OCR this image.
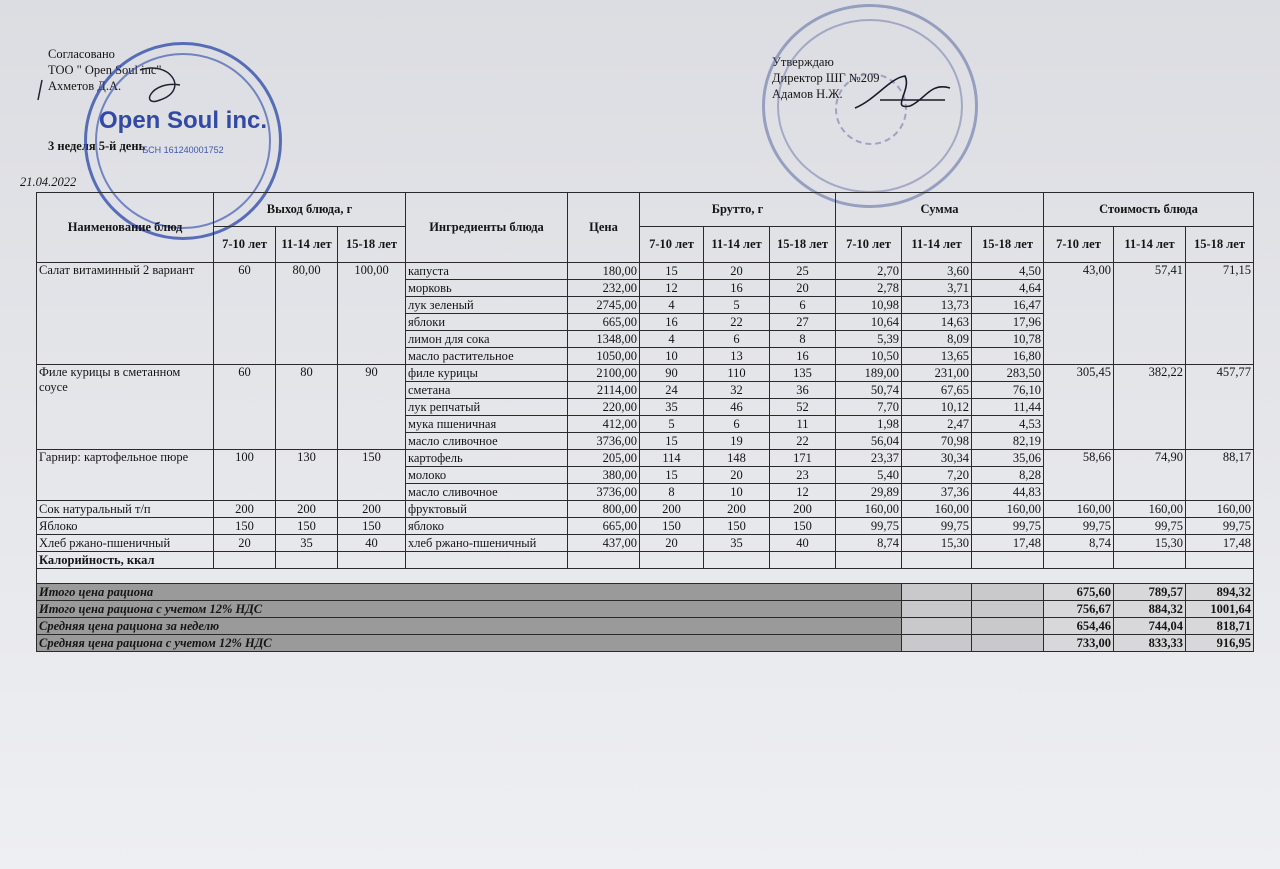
Согласовано
ТОО " Open Soul inc"
Ахметов Д.А.
Утверждаю
Директор ШГ №209
Адамов Н.Ж.
3 неделя 5-й день
21.04.2022
Open Soul inc.
БСН 161240001752
Наименование блюд	Выход блюда, г			Ингредиенты блюда	Цена	Брутто, г			Сумма			Стоимость блюда		
	7-10 лет	11-14 лет	15-18 лет			7-10 лет	11-14 лет	15-18 лет	7-10 лет	11-14 лет	15-18 лет	7-10 лет	11-14 лет	15-18 лет
Салат витаминный 2 вариант	60	80,00	100,00	капуста	180,00	15	20	25	2,70	3,60	4,50	43,00	57,41	71,15
				морковь	232,00	12	16	20	2,78	3,71	4,64			
				лук зеленый	2745,00	4	5	6	10,98	13,73	16,47			
				яблоки	665,00	16	22	27	10,64	14,63	17,96			
				лимон для сока	1348,00	4	6	8	5,39	8,09	10,78			
				масло растительное	1050,00	10	13	16	10,50	13,65	16,80			
Филе курицы в сметанном соусе	60	80	90	филе курицы	2100,00	90	110	135	189,00	231,00	283,50	305,45	382,22	457,77
				сметана	2114,00	24	32	36	50,74	67,65	76,10			
				лук репчатый	220,00	35	46	52	7,70	10,12	11,44			
				мука пшеничная	412,00	5	6	11	1,98	2,47	4,53			
				масло сливочное	3736,00	15	19	22	56,04	70,98	82,19			
Гарнир: картофельное пюре	100	130	150	картофель	205,00	114	148	171	23,37	30,34	35,06	58,66	74,90	88,17
				молоко	380,00	15	20	23	5,40	7,20	8,28			
				масло сливочное	3736,00	8	10	12	29,89	37,36	44,83			
Сок натуральный т/п	200	200	200	фруктовый	800,00	200	200	200	160,00	160,00	160,00	160,00	160,00	160,00
Яблоко	150	150	150	яблоко	665,00	150	150	150	99,75	99,75	99,75	99,75	99,75	99,75
Хлеб ржано-пшеничный	20	35	40	хлеб ржано-пшеничный	437,00	20	35	40	8,74	15,30	17,48	8,74	15,30	17,48
Калорийность, ккал														

Итого цена рациона												675,60	789,57	894,32
Итого цена рациона с учетом 12% НДС												756,67	884,32	1001,64
Средняя цена рациона за неделю												654,46	744,04	818,71
Средняя цена рациона с учетом 12% НДС												733,00	833,33	916,95
